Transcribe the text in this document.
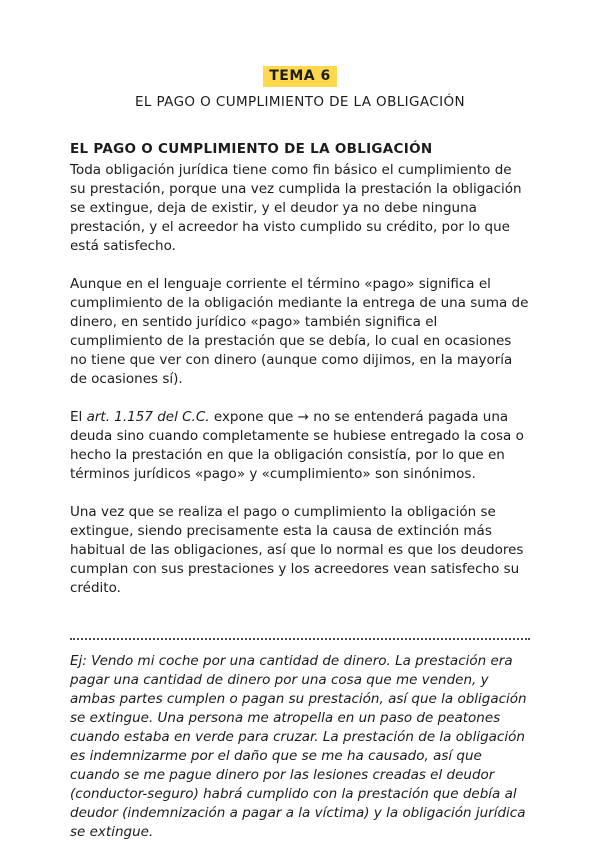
TEMA 6
EL PAGO O CUMPLIMIENTO DE LA OBLIGACIÓN
EL PAGO O CUMPLIMIENTO DE LA OBLIGACIÓN

Toda obligación jurídica tiene como fin básico el cumplimiento de su prestación, porque una vez cumplida la prestación la obligación se extingue, deja de existir, y el deudor ya no debe ninguna prestación, y el acreedor ha visto cumplido su crédito, por lo que está satisfecho.

Aunque en el lenguaje corriente el término «pago» significa el cumplimiento de la obligación mediante la entrega de una suma de dinero, en sentido jurídico «pago» también significa el cumplimiento de la prestación que se debía, lo cual en ocasiones no tiene que ver con dinero (aunque como dijimos, en la mayoría de ocasiones sí).

El art. 1.157 del C.C. expone que → no se entenderá pagada una deuda sino cuando completamente se hubiese entregado la cosa o hecho la prestación en que la obligación consistía, por lo que en términos jurídicos «pago» y «cumplimiento» son sinónimos.

Una vez que se realiza el pago o cumplimiento la obligación se extingue, siendo precisamente esta la causa de extinción más habitual de las obligaciones, así que lo normal es que los deudores cumplan con sus prestaciones y los acreedores vean satisfecho su crédito.

Ej: Vendo mi coche por una cantidad de dinero. La prestación era pagar una cantidad de dinero por una cosa que me venden, y ambas partes cumplen o pagan su prestación, así que la obligación se extingue. Una persona me atropella en un paso de peatones cuando estaba en verde para cruzar. La prestación de la obligación es indemnizarme por el daño que se me ha causado, así que cuando se me pague dinero por las lesiones creadas el deudor (conductor-seguro) habrá cumplido con la prestación que debía al deudor (indemnización a pagar a la víctima) y la obligación jurídica se extingue.
